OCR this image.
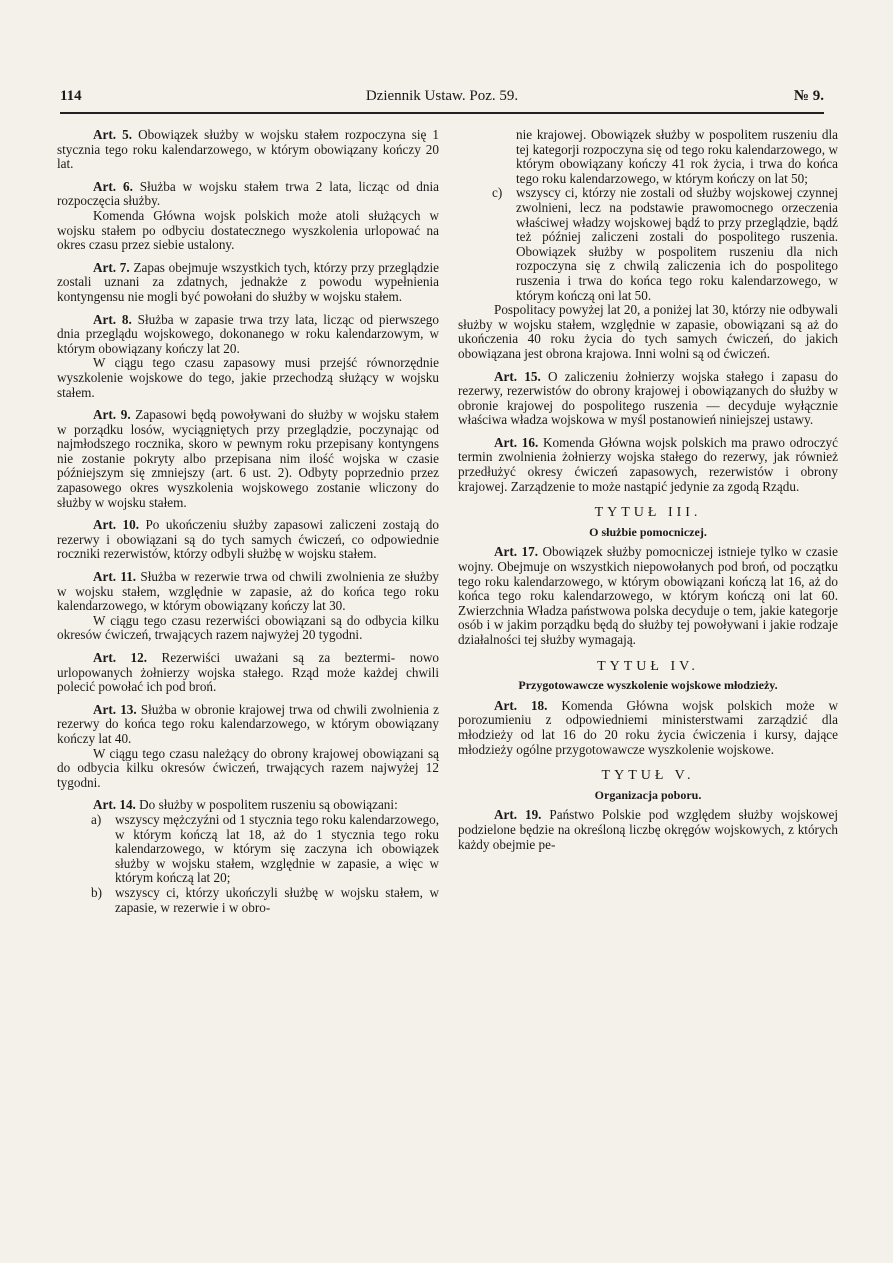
114	Dziennik Ustaw. Poz. 59.	№ 9.

Art. 5. Obowiązek służby w wojsku stałem rozpoczyna się 1 stycznia tego roku kalendarzowego, w którym obowiązany kończy 20 lat.

Art. 6. Służba w wojsku stałem trwa 2 lata, licząc od dnia rozpoczęcia służby.

Komenda Główna wojsk polskich może atoli służących w wojsku stałem po odbyciu dostatecznego wyszkolenia urlopować na okres czasu przez siebie ustalony.

Art. 7. Zapas obejmuje wszystkich tych, którzy przy przeglądzie zostali uznani za zdatnych, jednakże z powodu wypełnienia kontyngensu nie mogli być powołani do służby w wojsku stałem.

Art. 8. Służba w zapasie trwa trzy lata, licząc od pierwszego dnia przeglądu wojskowego, dokonanego w roku kalendarzowym, w którym obowiązany kończy lat 20.

W ciągu tego czasu zapasowy musi przejść równorzędnie wyszkolenie wojskowe do tego, jakie przechodzą służący w wojsku stałem.

Art. 9. Zapasowi będą powoływani do służby w wojsku stałem w porządku losów, wyciągniętych przy przeglądzie, poczynając od najmłodszego rocznika, skoro w pewnym roku przepisany kontyngens nie zostanie pokryty albo przepisana nim ilość wojska w czasie późniejszym się zmniejszy (art. 6 ust. 2). Odbyty poprzednio przez zapasowego okres wyszkolenia wojskowego zostanie wliczony do służby w wojsku stałem.

Art. 10. Po ukończeniu służby zapasowi zaliczeni zostają do rezerwy i obowiązani są do tych samych ćwiczeń, co odpowiednie roczniki rezerwistów, którzy odbyli służbę w wojsku stałem.

Art. 11. Służba w rezerwie trwa od chwili zwolnienia ze służby w wojsku stałem, względnie w zapasie, aż do końca tego roku kalendarzowego, w którym obowiązany kończy lat 30.

W ciągu tego czasu rezerwiści obowiązani są do odbycia kilku okresów ćwiczeń, trwających razem najwyżej 20 tygodni.

Art. 12. Rezerwiści uważani są za beztermi- nowo urlopowanych żołnierzy wojska stałego. Rząd może każdej chwili polecić powołać ich pod broń.

Art. 13. Służba w obronie krajowej trwa od chwili zwolnienia z rezerwy do końca tego roku kalendarzowego, w którym obowiązany kończy lat 40.

W ciągu tego czasu należący do obrony krajowej obowiązani są do odbycia kilku okresów ćwiczeń, trwających razem najwyżej 12 tygodni.

Art. 14. Do służby w pospolitem ruszeniu są obowiązani:

a) wszyscy mężczyźni od 1 stycznia tego roku kalendarzowego, w którym kończą lat 18, aż do 1 stycznia tego roku kalendarzowego, w którym się zaczyna ich obowiązek służby w wojsku stałem, względnie w zapasie, a więc w którym kończą lat 20;

b) wszyscy ci, którzy ukończyli służbę w wojsku stałem, w zapasie, w rezerwie i w obro-

nie krajowej. Obowiązek służby w pospolitem ruszeniu dla tej kategorji rozpoczyna się od tego roku kalendarzowego, w którym obowiązany kończy 41 rok życia, i trwa do końca tego roku kalendarzowego, w którym kończy on lat 50;

c) wszyscy ci, którzy nie zostali od służby wojskowej czynnej zwolnieni, lecz na podstawie prawomocnego orzeczenia właściwej władzy wojskowej bądź to przy przeglądzie, bądź też później zaliczeni zostali do pospolitego ruszenia. Obowiązek służby w pospolitem ruszeniu dla nich rozpoczyna się z chwilą zaliczenia ich do pospolitego ruszenia i trwa do końca tego roku kalendarzowego, w którym kończą oni lat 50.

Pospolitacy powyżej lat 20, a poniżej lat 30, którzy nie odbywali służby w wojsku stałem, względnie w zapasie, obowiązani są aż do ukończenia 40 roku życia do tych samych ćwiczeń, do jakich obowiązana jest obrona krajowa. Inni wolni są od ćwiczeń.

Art. 15. O zaliczeniu żołnierzy wojska stałego i zapasu do rezerwy, rezerwistów do obrony krajowej i obowiązanych do służby w obronie krajowej do pospolitego ruszenia — decyduje wyłącznie właściwa władza wojskowa w myśl postanowień niniejszej ustawy.

Art. 16. Komenda Główna wojsk polskich ma prawo odroczyć termin zwolnienia żołnierzy wojska stałego do rezerwy, jak również przedłużyć okresy ćwiczeń zapasowych, rezerwistów i obrony krajowej. Zarządzenie to może nastąpić jedynie za zgodą Rządu.

TYTUŁ III.

O służbie pomocniczej.

Art. 17. Obowiązek służby pomocniczej istnieje tylko w czasie wojny. Obejmuje on wszystkich niepowołanych pod broń, od początku tego roku kalendarzowego, w którym obowiązani kończą lat 16, aż do końca tego roku kalendarzowego, w którym kończą oni lat 60. Zwierzchnia Władza państwowa polska decyduje o tem, jakie kategorje osób i w jakim porządku będą do służby tej powoływani i jakie rodzaje działalności tej służby wymagają.

TYTUŁ IV.

Przygotowawcze wyszkolenie wojskowe młodzieży.

Art. 18. Komenda Główna wojsk polskich może w porozumieniu z odpowiedniemi ministerstwami zarządzić dla młodzieży od lat 16 do 20 roku życia ćwiczenia i kursy, dające młodzieży ogólne przygotowawcze wyszkolenie wojskowe.

TYTUŁ V.

Organizacja poboru.

Art. 19. Państwo Polskie pod względem służby wojskowej podzielone będzie na określoną liczbę okręgów wojskowych, z których każdy obejmie pe-
